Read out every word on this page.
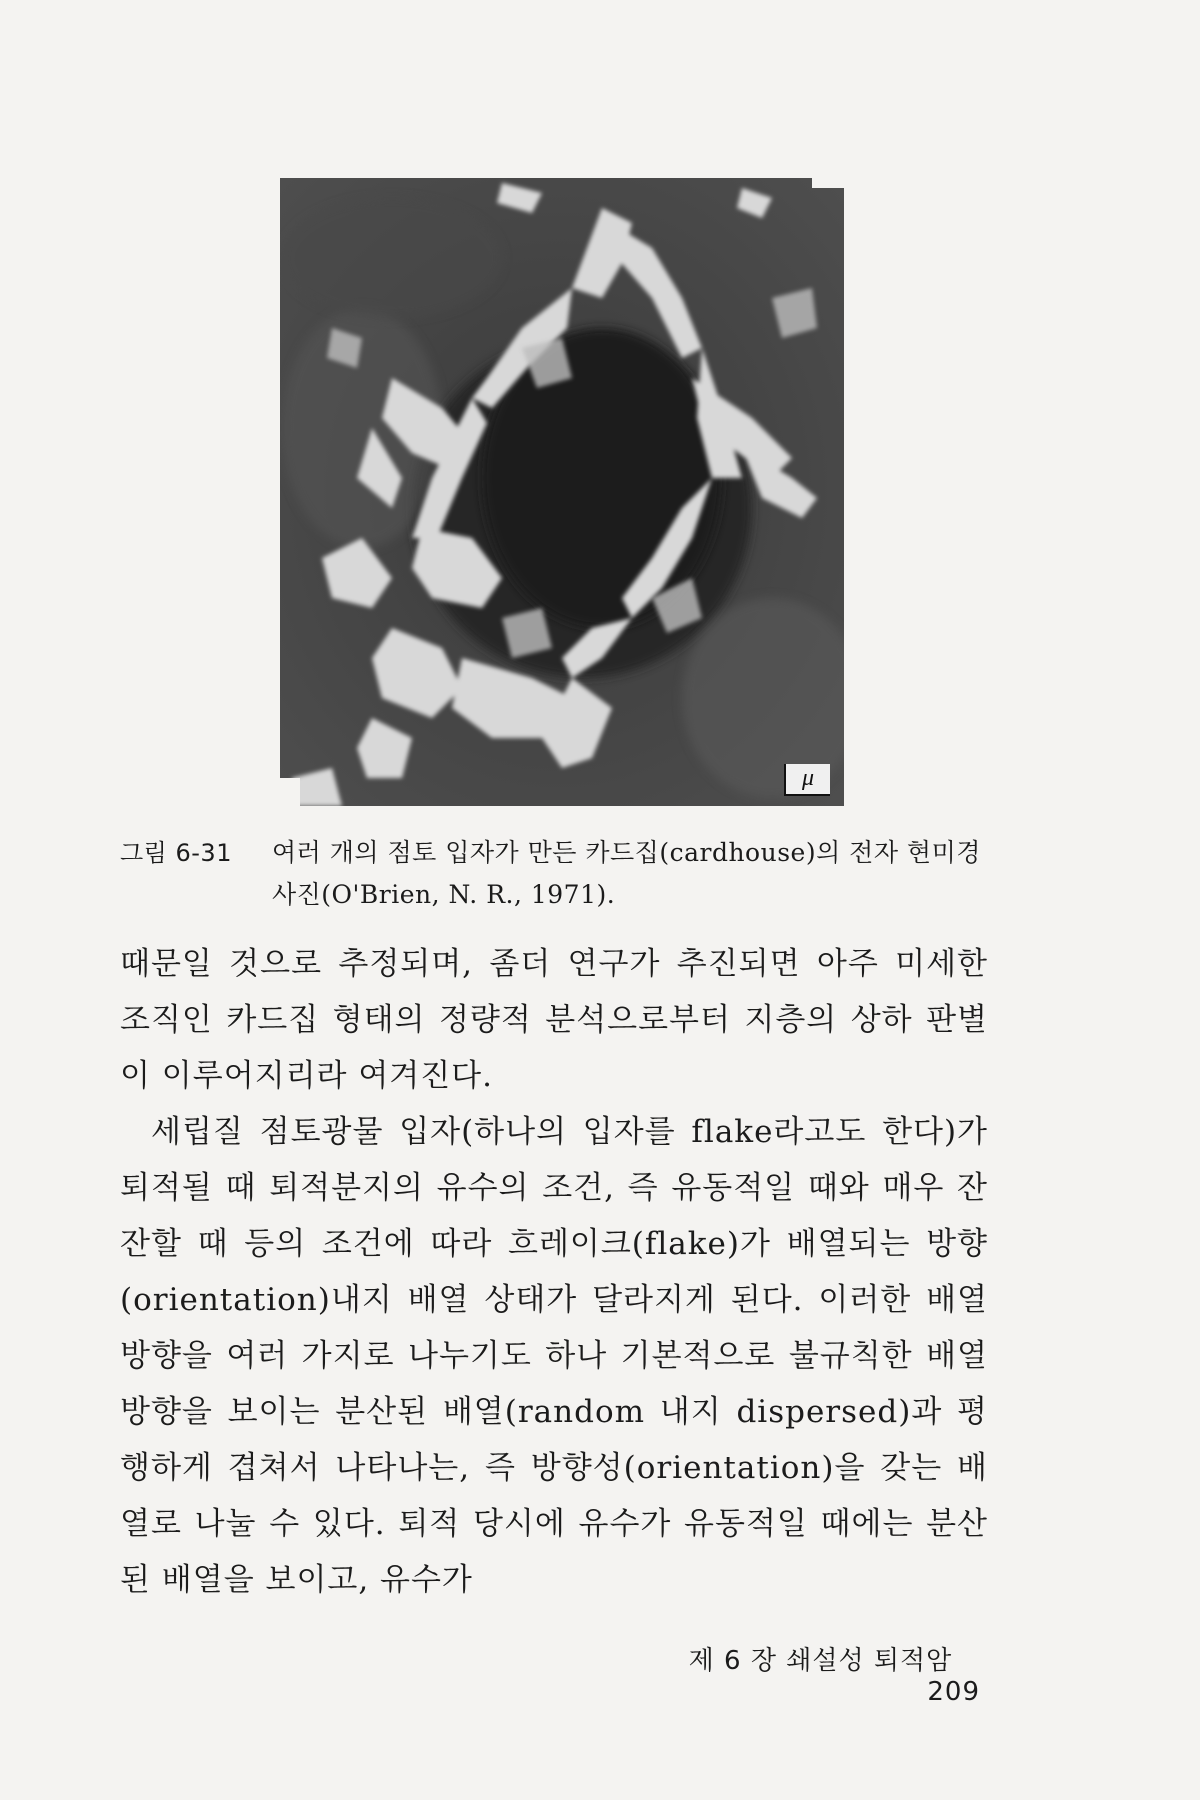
μ
그림 6-31 여러 개의 점토 입자가 만든 카드집(cardhouse)의 전자 현미경
사진(O'Brien, N. R., 1971).

때문일 것으로 추정되며, 좀더 연구가 추진되면 아주 미세한 조직인 카드집 형태의 정량적 분석으로부터 지층의 상하 판별이 이루어지리라 여겨진다.

세립질 점토광물 입자(하나의 입자를 flake라고도 한다)가 퇴적될 때 퇴적분지의 유수의 조건, 즉 유동적일 때와 매우 잔잔할 때 등의 조건에 따라 흐레이크(flake)가 배열되는 방향(orientation)내지 배열 상태가 달라지게 된다. 이러한 배열 방향을 여러 가지로 나누기도 하나 기본적으로 불규칙한 배열 방향을 보이는 분산된 배열(random 내지 dispersed)과 평행하게 겹쳐서 나타나는, 즉 방향성(orientation)을 갖는 배열로 나눌 수 있다. 퇴적 당시에 유수가 유동적일 때에는 분산된 배열을 보이고, 유수가

제 6 장 쇄설성 퇴적암    209
